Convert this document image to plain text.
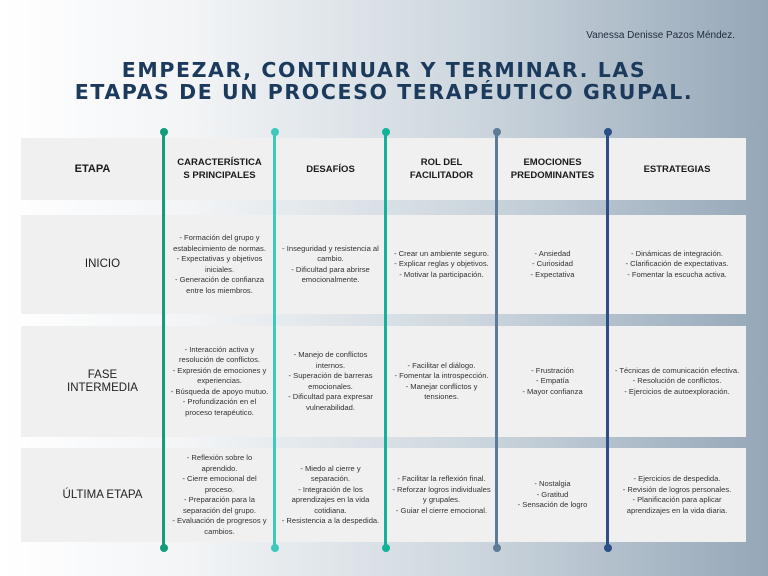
Vanessa Denisse Pazos Méndez.
EMPEZAR, CONTINUAR Y TERMINAR. LAS
ETAPAS DE UN PROCESO TERAPÉUTICO GRUPAL.
ETAPA	CARACTERÍSTICA
S PRINCIPALES
DESAFÍOS
ROL DEL
FACILITADOR
EMOCIONES
PREDOMINANTES
ESTRATEGIAS
INICIO
- Formación del grupo y establecimiento de normas.
- Expectativas y objetivos iniciales.
- Generación de confianza entre los miembros.
- Inseguridad y resistencia al cambio.
- Dificultad para abrirse emocionalmente.
- Crear un ambiente seguro.
- Explicar reglas y objetivos.
- Motivar la participación.
- Ansiedad
- Curiosidad
- Expectativa
- Dinámicas de integración.
- Clarificación de expectativas.
- Fomentar la escucha activa.
FASE
INTERMEDIA
- Interacción activa y resolución de conflictos.
- Expresión de emociones y experiencias.
- Búsqueda de apoyo mutuo.
- Profundización en el proceso terapéutico.
- Manejo de conflictos internos.
- Superación de barreras emocionales.
- Dificultad para expresar vulnerabilidad.
- Facilitar el diálogo.
- Fomentar la introspección.
- Manejar conflictos y tensiones.
- Frustración
- Empatía
- Mayor confianza
- Técnicas de comunicación efectiva.
- Resolución de conflictos.
- Ejercicios de autoexploración.
ÚLTIMA ETAPA
- Reflexión sobre lo aprendido.
- Cierre emocional del proceso.
- Preparación para la separación del grupo.
- Evaluación de progresos y cambios.
- Miedo al cierre y separación.
- Integración de los aprendizajes en la vida cotidiana.
- Resistencia a la despedida.
- Facilitar la reflexión final.
- Reforzar logros individuales y grupales.
- Guiar el cierre emocional.
- Nostalgia
- Gratitud
- Sensación de logro
- Ejercicios de despedida.
- Revisión de logros personales.
- Planificación para aplicar aprendizajes en la vida diaria.
